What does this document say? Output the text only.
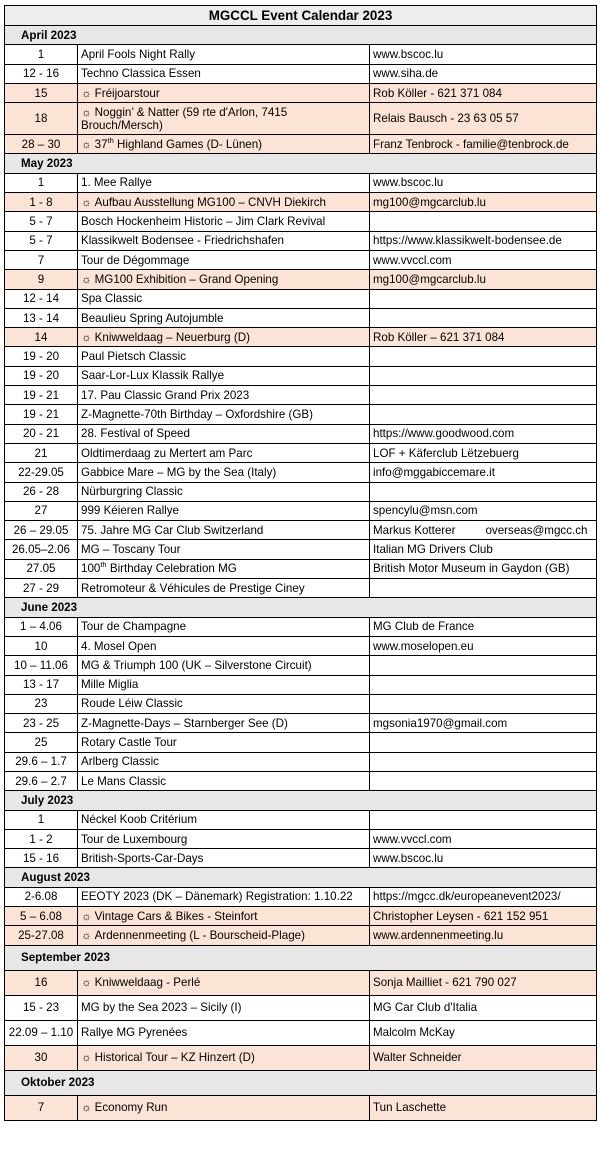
MGCCL Event Calendar 2023		
April 2023		
1	April Fools Night Rally	www.bscoc.lu
12 - 16	Techno Classica Essen	www.siha.de
15	☼ Fréijoarstour	Rob Köller - 621 371 084
18	☼ Noggin’ & Natter (59 rte d'Arlon, 7415 Brouch/Mersch)	Relais Bausch - 23 63 05 57
28 – 30	☼ 37th Highland Games (D- Lünen)	Franz Tenbrock - familie@tenbrock.de
May 2023		
1	1. Mee Rallye	www.bscoc.lu
1 - 8	☼ Aufbau Ausstellung MG100 – CNVH Diekirch	mg100@mgcarclub.lu
5 - 7	Bosch Hockenheim Historic – Jim Clark Revival	
5 - 7	Klassikwelt Bodensee - Friedrichshafen	https://www.klassikwelt-bodensee.de
7	Tour de Dégommage	www.vvccl.com
9	☼ MG100 Exhibition – Grand Opening	mg100@mgcarclub.lu
12 - 14	Spa Classic	
13 - 14	Beaulieu Spring Autojumble	
14	☼ Kniwweldaag – Neuerburg (D)	Rob Köller – 621 371 084
19 - 20	Paul Pietsch Classic	
19 - 20	Saar-Lor-Lux Klassik Rallye	
19 - 21	17. Pau Classic Grand Prix 2023	
19 - 21	Z-Magnette-70th Birthday – Oxfordshire (GB)	
20 - 21	28. Festival of Speed	https://www.goodwood.com
21	Oldtimerdaag zu Mertert am Parc	LOF + Käferclub Lëtzebuerg
22-29.05	Gabbice Mare – MG by the Sea (Italy)	info@mggabiccemare.it
26 - 28	Nürburgring Classic	
27	999 Kéieren Rallye	spencylu@msn.com
26 – 29.05	75. Jahre MG Car Club Switzerland	Markus Kotterer overseas@mgcc.ch
26.05–2.06	MG – Toscany Tour	Italian MG Drivers Club
27.05	100th Birthday Celebration MG	British Motor Museum in Gaydon (GB)
27 - 29	Retromoteur & Véhicules de Prestige Ciney	
June 2023		
1 – 4.06	Tour de Champagne	MG Club de France
10	4. Mosel Open	www.moselopen.eu
10 – 11.06	MG & Triumph 100 (UK – Silverstone Circuit)	
13 - 17	Mille Miglia	
23	Roude Léiw Classic	
23 - 25	Z-Magnette-Days – Starnberger See (D)	mgsonia1970@gmail.com
25	Rotary Castle Tour	
29.6 – 1.7	Arlberg Classic	
29.6 – 2.7	Le Mans Classic	
July 2023		
1	Néckel Koob Critérium	
1 - 2	Tour de Luxembourg	www.vvccl.com
15 - 16	British-Sports-Car-Days	www.bscoc.lu
August 2023		
2-6.08	EEOTY 2023 (DK – Dänemark) Registration: 1.10.22	https://mgcc.dk/europeanevent2023/
5 – 6.08	☼ Vintage Cars & Bikes - Steinfort	Christopher Leysen - 621 152 951
25-27.08	☼ Ardennenmeeting (L - Bourscheid-Plage)	www.ardennenmeeting.lu
September 2023		
16	☼ Kniwweldaag - Perlé	Sonja Mailliet - 621 790 027
15 - 23	MG by the Sea 2023 – Sicily (I)	MG Car Club d'Italia
22.09 – 1.10	Rallye MG Pyrenées	Malcolm McKay
30	☼ Historical Tour – KZ Hinzert (D)	Walter Schneider
Oktober 2023		
7	☼ Economy Run	Tun Laschette
